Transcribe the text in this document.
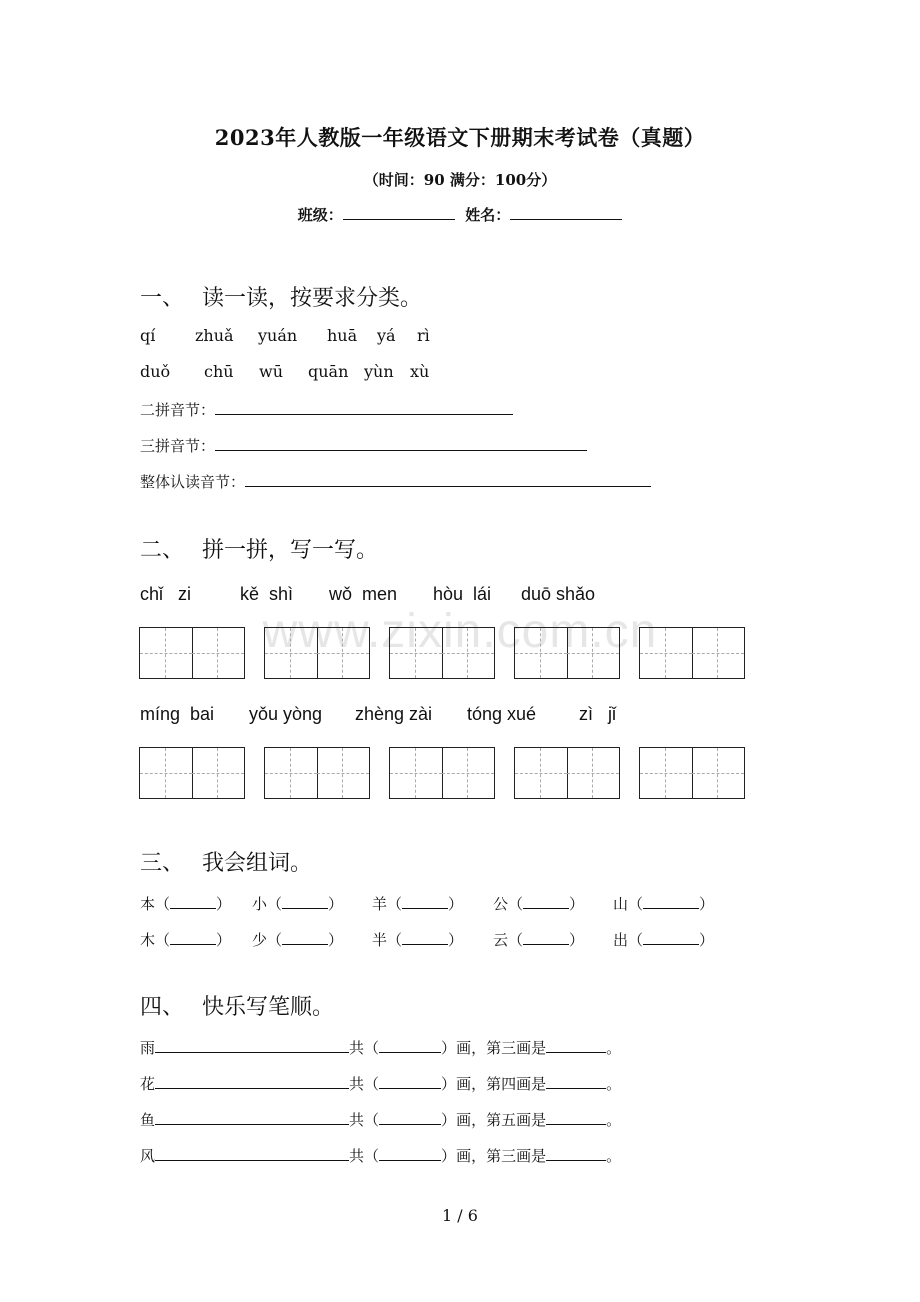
2023年人教版一年级语文下册期末考试卷（真题）
（时间：90 满分：100分）
班级：	姓名：
www.zixin.com.cn
一、 读一读，按要求分类。
qí zhuǎ yuán huā yá rì
duǒ chū wū quān yùn xù
二拼音节：
三拼音节：
整体认读音节：
二、 拼一拼，写一写。
chǐ   zi	kě  shì wǒ  men hòu  lái duō shǎo
míng  bai yǒu yòng zhèng zài tóng xué zì   jǐ
三、 我会组词。
本（	） 小（	） 羊（	） 公（	） 山（	）
木（	） 少（	） 半（	） 云（	） 出（	）
四、 快乐写笔顺。
雨	共（	）画，第三画是	。
花	共（	）画，第四画是	。
鱼	共（	）画，第五画是	。
风	共（	）画，第三画是	。
1 / 6
